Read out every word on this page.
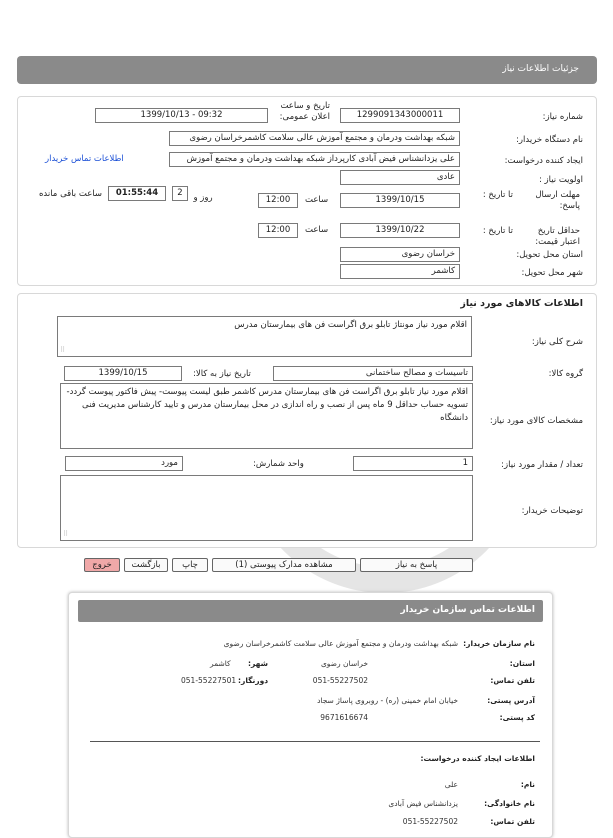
جزئیات اطلاعات نیاز
شماره نیاز:
1299091343000011
تاریخ و ساعت اعلان عمومی:
1399/10/13 - 09:32
نام دستگاه خریدار:
شبکه بهداشت ودرمان و مجتمع آموزش عالی سلامت کاشمرخراسان رضوی
ایجاد کننده درخواست:
علی یزدانشناس فیض آبادی کارپرداز شبکه بهداشت ودرمان و مجتمع آموزش
اطلاعات تماس خریدار
اولویت نیاز :
عادی
مهلت ارسال پاسخ:
تا تاریخ :
1399/10/15
ساعت
12:00
2	روز و
01:55:44
ساعت باقی مانده
حداقل تاریخ اعتبار قیمت:
تا تاریخ :
1399/10/22
ساعت
12:00
استان محل تحویل:
خراسان رضوی
شهر محل تحویل:
کاشمر
اطلاعات کالاهای مورد نیاز
شرح کلی نیاز:
اقلام مورد نیاز مونتاژ تابلو برق اگراست فن های بیمارستان مدرس
⠿
گروه کالا:
تاسیسات و مصالح ساختمانی
تاریخ نیاز به کالا:
1399/10/15
مشخصات کالای مورد نیاز:
اقلام مورد نیاز تابلو برق اگراست فن های بیمارستان مدرس کاشمر طبق لیست پیوست- پیش فاکتور پیوست گردد-تسویه حساب حداقل 9 ماه پس از نصب و راه اندازی در محل بیمارستان مدرس و تایید کارشناس مدیریت فنی دانشگاه
تعداد / مقدار مورد نیاز:
1
واحد شمارش:
مورد
توضیحات خریدار:
⠿
پاسخ به نیاز
مشاهده مدارک پیوستی (1)
چاپ
بازگشت
خروج
اطلاعات تماس سازمان خریدار
نام سازمان خریدار:
شبکه بهداشت ودرمان و مجتمع آموزش عالی سلامت کاشمرخراسان رضوی
استان:
خراسان رضوی
شهر:
کاشمر
تلفن تماس:
051-55227502
دورنگار:
051-55227501
آدرس پستی:
خیابان امام خمینی (ره) - روبروی پاساژ سجاد
کد پستی:
9671616674
اطلاعات ایجاد کننده درخواست:
نام:
علی
نام خانوادگی:
یزدانشناس فیض آبادی
تلفن تماس:
051-55227502
